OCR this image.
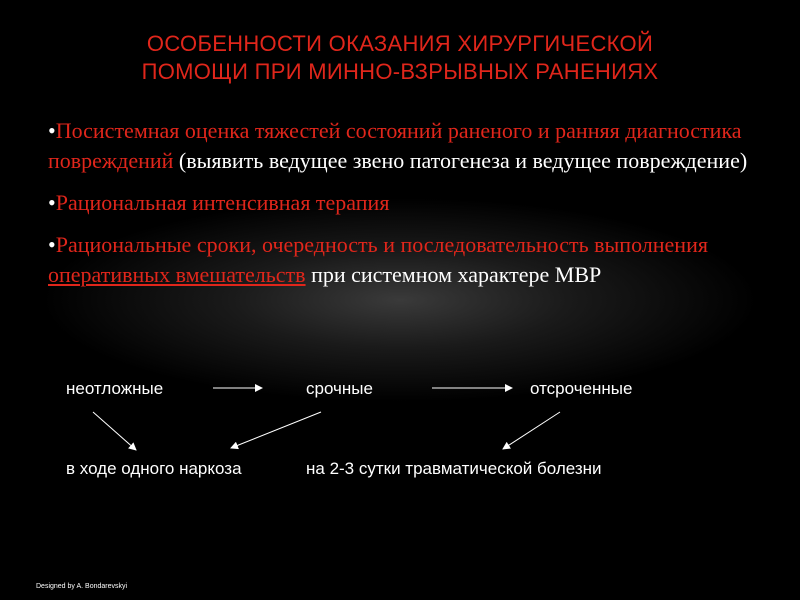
ОСОБЕННОСТИ ОКАЗАНИЯ ХИРУРГИЧЕСКОЙ
ПОМОЩИ ПРИ МИННО-ВЗРЫВНЫХ РАНЕНИЯХ
•Посистемная оценка тяжестей состояний раненого и ранняя диагностика повреждений (выявить ведущее звено патогенеза и ведущее повреждение)
•Рациональная интенсивная терапия
•Рациональные сроки, очередность и последовательность выполнения оперативных вмешательств при системном характере МВР
неотложные	срочные	отсроченные
в ходе одного наркоза	на 2-3 сутки травматической болезни
Designed by A. Bondarevskyi
